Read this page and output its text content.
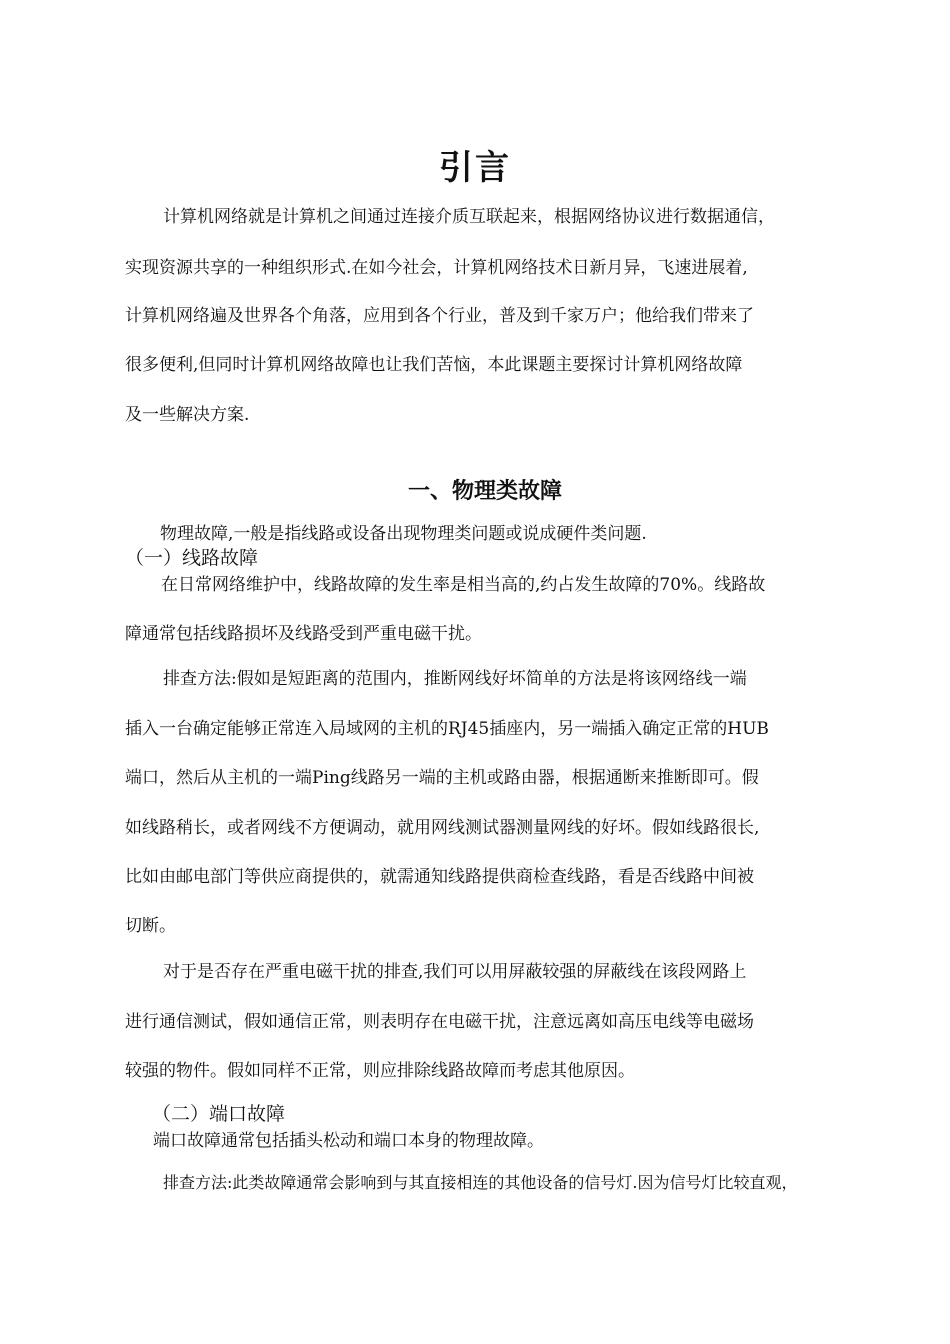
引言
计算机网络就是计算机之间通过连接介质互联起来，根据网络协议进行数据通信，
实现资源共享的一种组织形式.在如今社会，计算机网络技术日新月异，飞速进展着,
计算机网络遍及世界各个角落，应用到各个行业，普及到千家万户；他给我们带来了
很多便利,但同时计算机网络故障也让我们苦恼，本此课题主要探讨计算机网络故障
及一些解决方案.
一、物理类故障
物理故障,一般是指线路或设备出现物理类问题或说成硬件类问题.
（一）线路故障
在日常网络维护中，线路故障的发生率是相当高的,约占发生故障的70%。线路故
障通常包括线路损坏及线路受到严重电磁干扰。
排查方法:假如是短距离的范围内，推断网线好坏简单的方法是将该网络线一端
插入一台确定能够正常连入局域网的主机的RJ45插座内，另一端插入确定正常的HUB
端口，然后从主机的一端Ping线路另一端的主机或路由器，根据通断来推断即可。假
如线路稍长，或者网线不方便调动，就用网线测试器测量网线的好坏。假如线路很长,
比如由邮电部门等供应商提供的，就需通知线路提供商检查线路，看是否线路中间被
切断。
对于是否存在严重电磁干扰的排查,我们可以用屏蔽较强的屏蔽线在该段网路上
进行通信测试，假如通信正常，则表明存在电磁干扰，注意远离如高压电线等电磁场
较强的物件。假如同样不正常，则应排除线路故障而考虑其他原因。
（二）端口故障
端口故障通常包括插头松动和端口本身的物理故障。
排查方法:此类故障通常会影响到与其直接相连的其他设备的信号灯.因为信号灯比较直观，
